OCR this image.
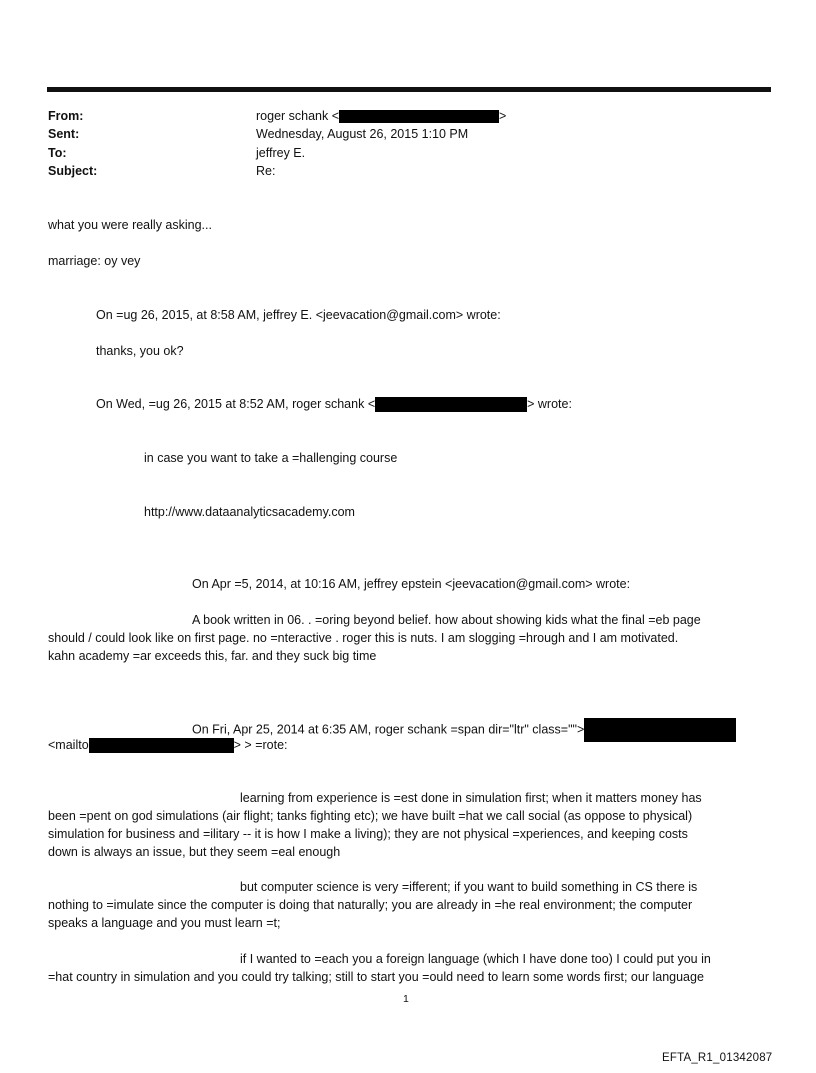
From:	roger schank <	>
Sent:	Wednesday, August 26, 2015 1:10 PM
To:	jeffrey E.
Subject:	Re:
what you were really asking...
marriage: oy vey
On =ug 26, 2015, at 8:58 AM, jeffrey E. <jeevacation@gmail.com> wrote:
thanks, you ok?
On Wed, =ug 26, 2015 at 8:52 AM, roger schank <	> wrote:
in case you want to take a =hallenging course
http://www.dataanalyticsacademy.com
On Apr =5, 2014, at 10:16 AM, jeffrey epstein <jeevacation@gmail.com> wrote:
A book written in 06. . =oring beyond belief. how about showing kids what the final =eb page
should / could look like on first page. no =nteractive . roger this is nuts. I am slogging =hrough and I am motivated.
kahn academy =ar exceeds this, far. and they suck big time
On Fri, Apr 25, 2014 at 6:35 AM, roger schank =span dir="ltr" class="">
<mailto	> > =rote:
learning from experience is =est done in simulation first; when it matters money has
been =pent on god simulations (air flight; tanks fighting etc); we have built =hat we call social (as oppose to physical)
simulation for business and =ilitary -- it is how I make a living); they are not physical =xperiences, and keeping costs
down is always an issue, but they seem =eal enough
but computer science is very =ifferent; if you want to build something in CS there is
nothing to =imulate since the computer is doing that naturally; you are already in =he real environment; the computer
speaks a language and you must learn =t;
if I wanted to =each you a foreign language (which I have done too) I could put you in
=hat country in simulation and you could try talking; still to start you =ould need to learn some words first; our language
1
EFTA_R1_01342087
